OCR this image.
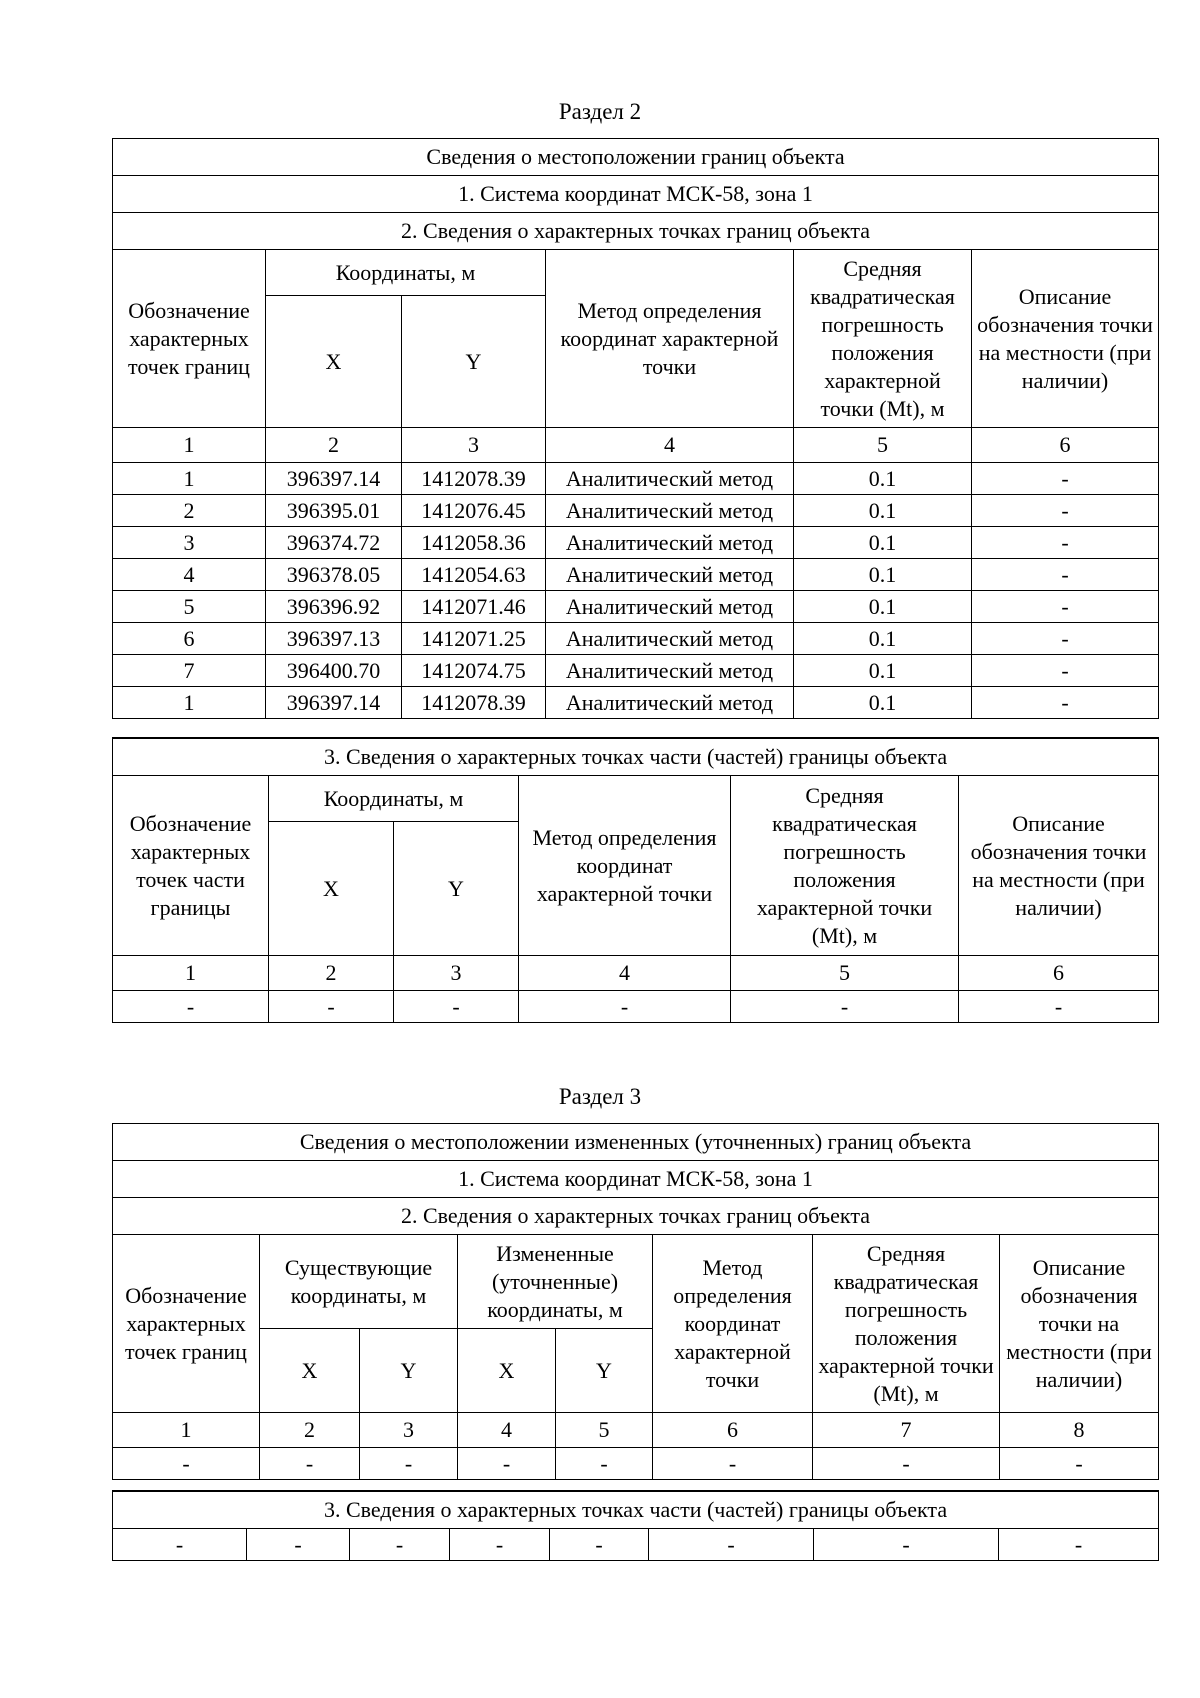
Раздел 2
Сведения о местоположении границ объекта					
1. Система координат МСК-58, зона 1					
2. Сведения о характерных точках границ объекта					
Обозначение характерных точек границ	Координаты, м		Метод определения координат характерной точки	Средняя квадратическая погрешность положения характерной точки (Mt), м	Описание обозначения точки на местности (при наличии)
	X	Y			
1	2	3	4	5	6
1	396397.14	1412078.39	Аналитический метод	0.1	-
2	396395.01	1412076.45	Аналитический метод	0.1	-
3	396374.72	1412058.36	Аналитический метод	0.1	-
4	396378.05	1412054.63	Аналитический метод	0.1	-
5	396396.92	1412071.46	Аналитический метод	0.1	-
6	396397.13	1412071.25	Аналитический метод	0.1	-
7	396400.70	1412074.75	Аналитический метод	0.1	-
1	396397.14	1412078.39	Аналитический метод	0.1	-
3. Сведения о характерных точках части (частей) границы объекта					
Обозначение характерных точек части границы	Координаты, м		Метод определения координат характерной точки	Средняя квадратическая погрешность положения характерной точки (Mt), м	Описание обозначения точки на местности (при наличии)
	X	Y			
1	2	3	4	5	6
-	-	-	-	-	-
Раздел 3
Сведения о местоположении измененных (уточненных) границ объекта							
1. Система координат МСК-58, зона 1							
2. Сведения о характерных точках границ объекта							
Обозначение характерных точек границ	Существующие координаты, м		Измененные (уточненные) координаты, м		Метод определения координат характерной точки	Средняя квадратическая погрешность положения характерной точки (Mt), м	Описание обозначения точки на местности (при наличии)
	X	Y	X	Y			
1	2	3	4	5	6	7	8
-	-	-	-	-	-	-	-
3. Сведения о характерных точках части (частей) границы объекта
-	-	-	-	-	-	-	-
